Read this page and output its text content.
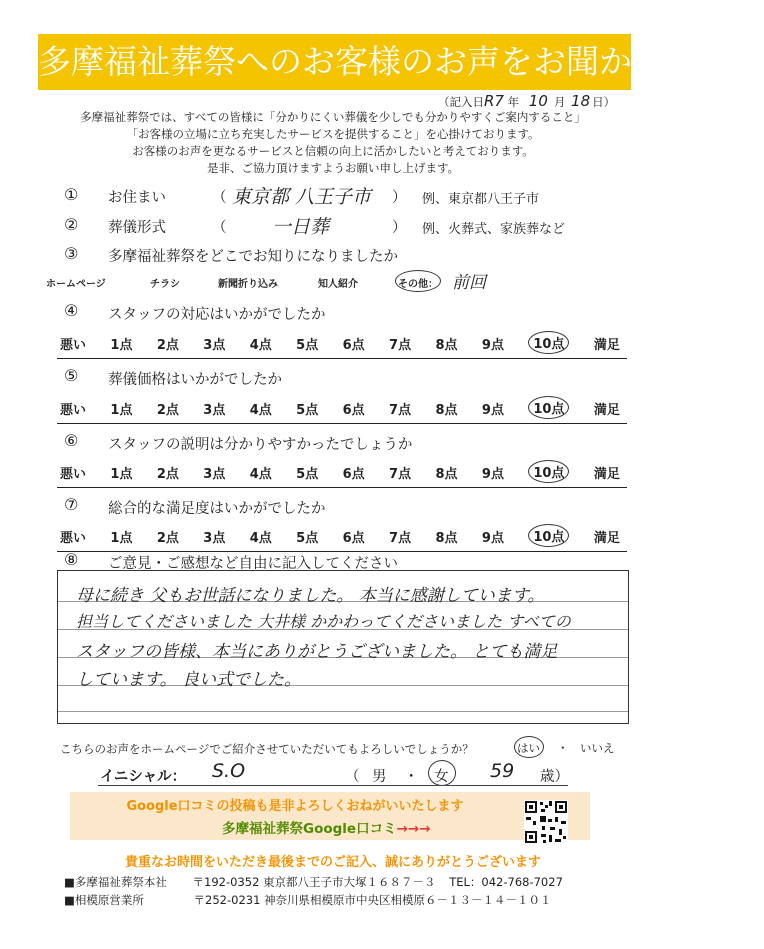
多摩福祉葬祭へのお客様のお声をお聞かせ下さい
（記入日R7 年 10 月 18 日）
多摩福祉葬祭では、すべての皆様に「分かりにくい葬儀を少しでも分かりやすくご案内すること」
「お客様の立場に立ち充実したサービスを提供すること」を心掛けております。
お客様のお声を更なるサービスと信頼の向上に活かしたいと考えております。
是非、ご協力頂けますようお願い申し上げます。
① お住まい	（ 東京都 八王子市 ） 例、東京都八王子市
② 葬儀形式	（ 一日葬	） 例、火葬式、家族葬など
③ 多摩福祉葬祭をどこでお知りになりましたか
ホームページ	チラシ	新聞折り込み	知人紹介	その他： 前回
④ スタッフの対応はいかがでしたか
悪い 1点 2点 3点 4点 5点 6点 7点 8点 9点	10点	満足
⑤ 葬儀価格はいかがでしたか
悪い 1点 2点 3点 4点 5点 6点 7点 8点 9点	10点	満足
⑥ スタッフの説明は分かりやすかったでしょうか
悪い 1点 2点 3点 4点 5点 6点 7点 8点 9点	10点	満足
⑦ 総合的な満足度はいかがでしたか
悪い 1点 2点 3点 4点 5点 6点 7点 8点 9点	10点	満足
⑧ ご意見・ご感想など自由に記入してください
母に続き 父もお世話になりました。 本当に感謝しています。
担当してくださいました 大井様 かかわってくださいました すべての
スタッフの皆様、本当にありがとうございました。 とても満足
しています。 良い式でした。
こちらのお声をホームページでご紹介させていただいてもよろしいでしょうか？	はい ・ いいえ
イニシャル： S.O	（ 男 ・ 女 59 歳）
Google口コミの投稿も是非よろしくおねがいいたします
多摩福祉葬祭Google口コミ→→→
貴重なお時間をいただき最後までのご記入、誠にありがとうございます
■多摩福祉葬祭本社 〒192-0352 東京都八王子市大塚１６８７－３ TEL：042-768-7027
■相模原営業所	〒252-0231 神奈川県相模原市中央区相模原６－１３－１４－１０１
